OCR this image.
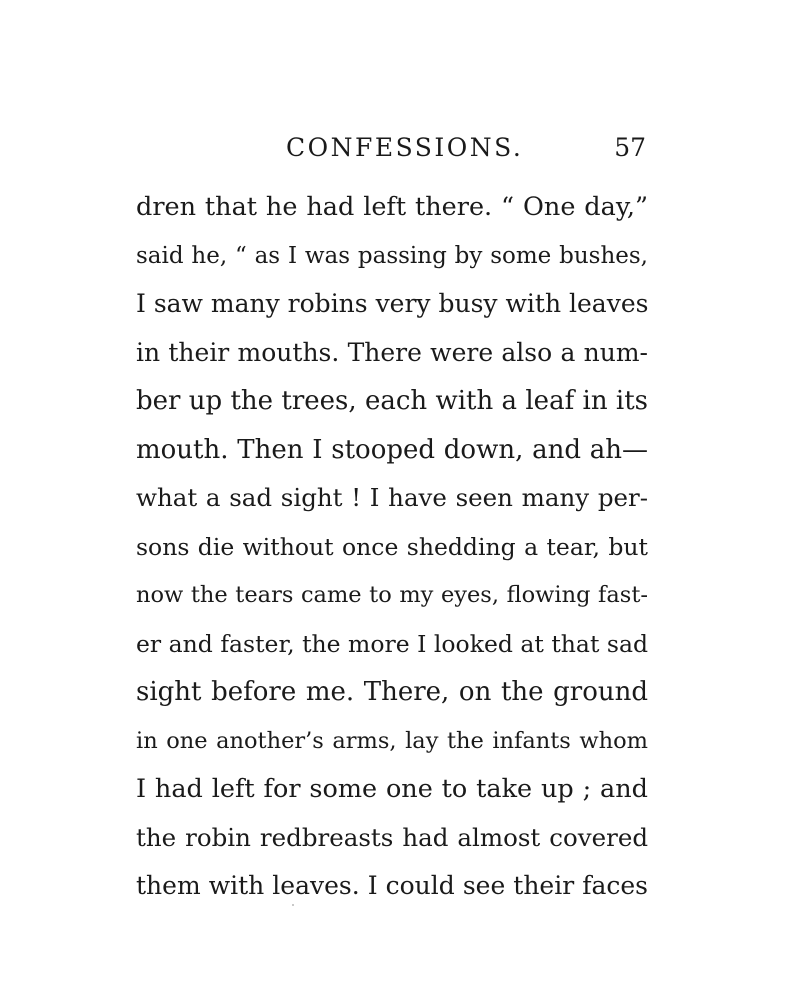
CONFESSIONS.	57
dren that he had left there. “ One day,”
said he, “ as I was passing by some bushes,
I saw many robins very busy with leaves
in their mouths. There were also a num-
ber up the trees, each with a leaf in its
mouth. Then I stooped down, and ah—
what a sad sight ! I have seen many per-
sons die without once shedding a tear, but
now the tears came to my eyes, flowing fast-
er and faster, the more I looked at that sad
sight before me. There, on the ground
in one another’s arms, lay the infants whom
I had left for some one to take up ; and
the robin redbreasts had almost covered
them with leaves. I could see their faces
